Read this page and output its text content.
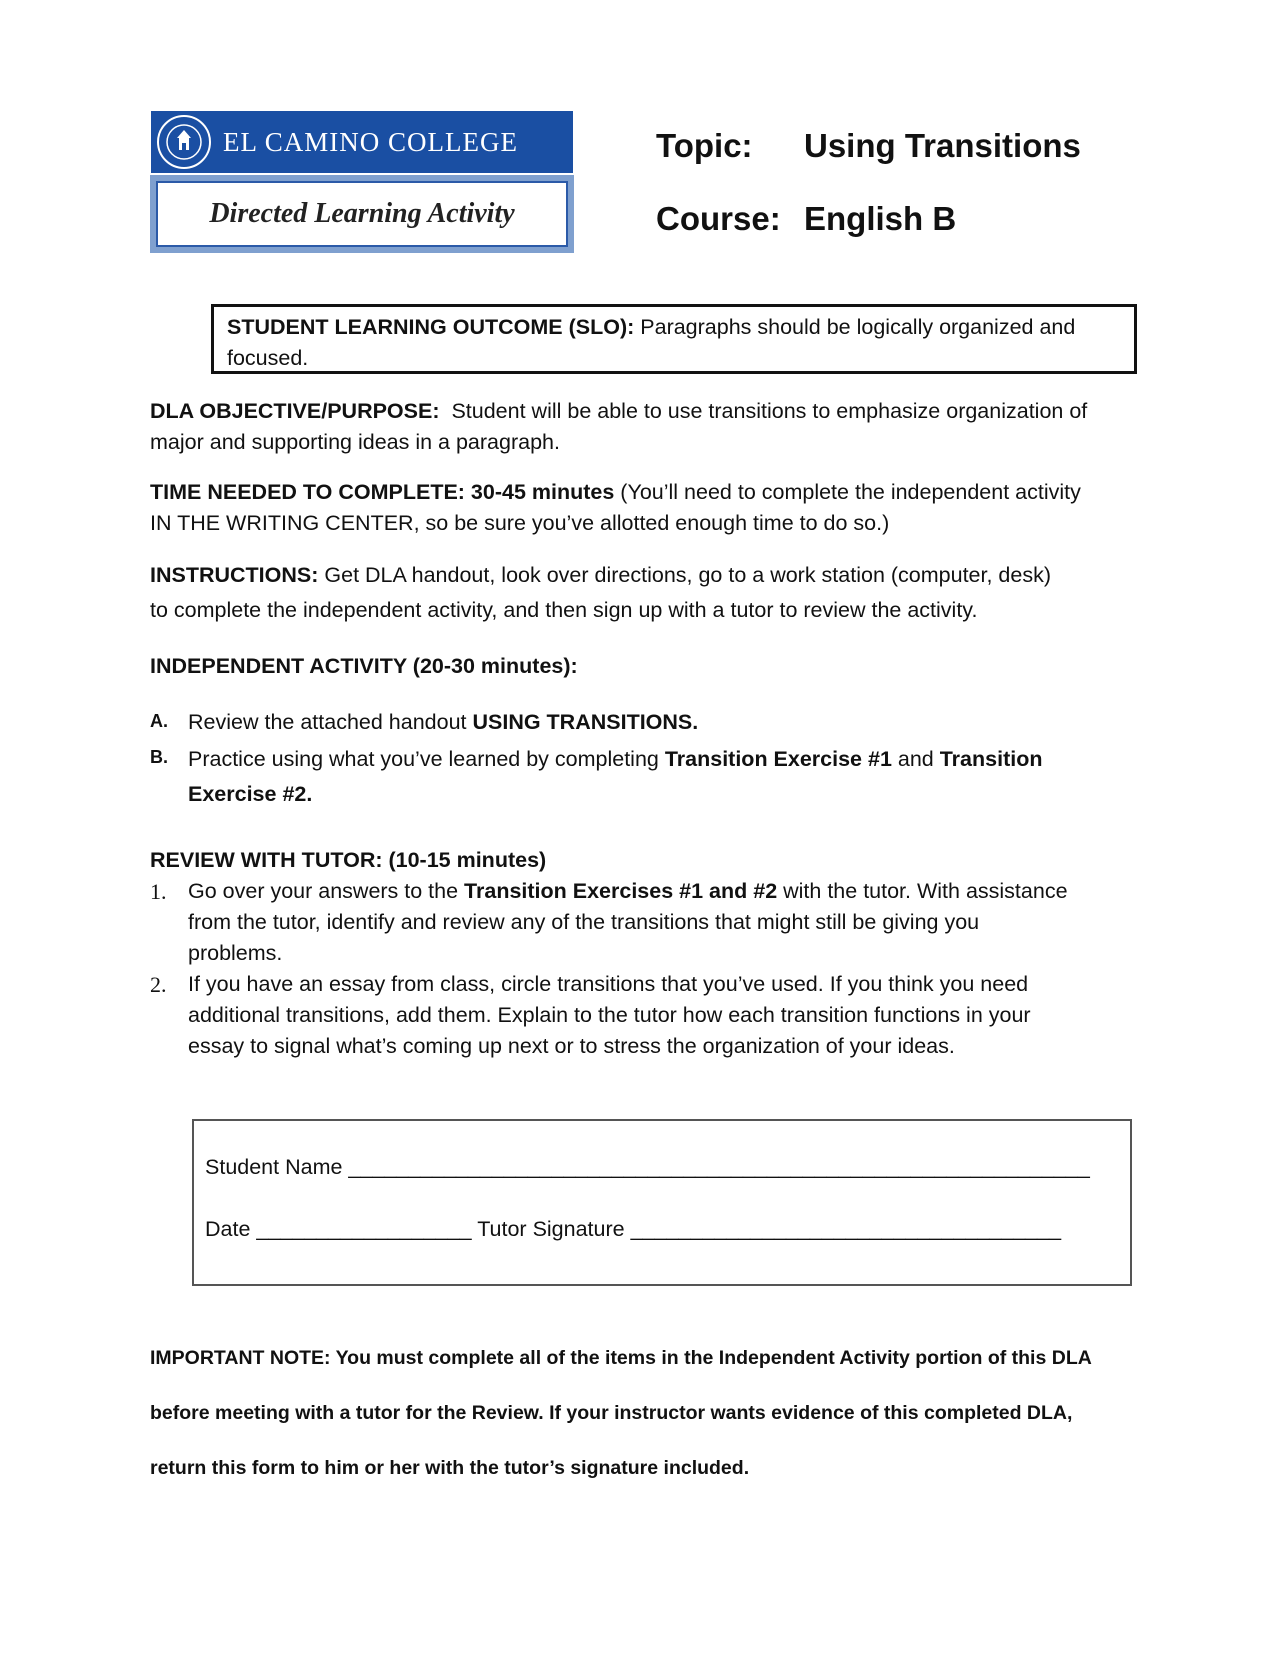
EL CAMINO COLLEGE
Directed Learning Activity
Topic: Using Transitions
Course: English B
STUDENT LEARNING OUTCOME (SLO): Paragraphs should be logically organized and
focused.
DLA OBJECTIVE/PURPOSE:  Student will be able to use transitions to emphasize organization of
major and supporting ideas in a paragraph.
TIME NEEDED TO COMPLETE: 30-45 minutes (You’ll need to complete the independent activity
IN THE WRITING CENTER, so be sure you’ve allotted enough time to do so.)
INSTRUCTIONS: Get DLA handout, look over directions, go to a work station (computer, desk)
to complete the independent activity, and then sign up with a tutor to review the activity.
INDEPENDENT ACTIVITY (20-30 minutes):
A. Review the attached handout USING TRANSITIONS.
B. Practice using what you’ve learned by completing Transition Exercise #1 and Transition
Exercise #2.
REVIEW WITH TUTOR: (10-15 minutes)
1. Go over your answers to the Transition Exercises #1 and #2 with the tutor. With assistance
from the tutor, identify and review any of the transitions that might still be giving you
problems.
2. If you have an essay from class, circle transitions that you’ve used. If you think you need
additional transitions, add them. Explain to the tutor how each transition functions in your
essay to signal what’s coming up next or to stress the organization of your ideas.
Student Name ______________________________________________________________
Date __________________ Tutor Signature ____________________________________
IMPORTANT NOTE: You must complete all of the items in the Independent Activity portion of this DLA
before meeting with a tutor for the Review. If your instructor wants evidence of this completed DLA,
return this form to him or her with the tutor’s signature included.
